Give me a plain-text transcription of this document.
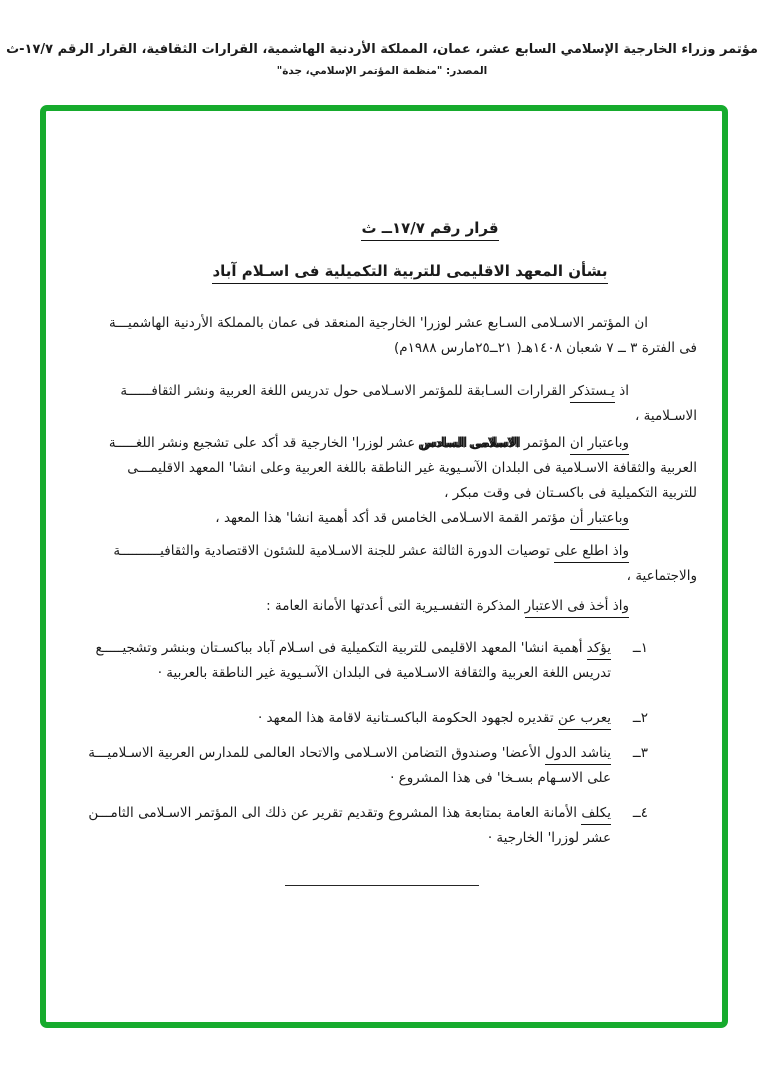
مؤتمر وزراء الخارجية الإسلامي السابع عشر، عمان، المملكة الأردنية الهاشمية، القرارات الثقافية، القرار الرقم ١٧/٧-ث
المصدر: "منظمة المؤتمر الإسلامي، جدة"
قرار رقم ١٧/٧ــ ث
بشأن المعهد الاقليمى للتربية التكميلية فى اسـلام آباد
ان المؤتمر الاسـلامى السـابع عشر لوزرا' الخارجية المنعقد فى عمان بالمملكة الأردنية الهاشميـــة
فى الفترة ٣ ــ ٧ شعبان ١٤٠٨هـ( ٢١ــ٢٥مارس ١٩٨٨م)
اذ يـستذكر القرارات السـابقة للمؤتمر الاسـلامى حول تدريس اللغة العربية ونشر الثقافــــــة
الاسـلامية ،
وباعتبار ان المؤتمر الاسلامى السادس عشر لوزرا' الخارجية قد أكد على تشجيع ونشر اللغـــــة
العربية والثقافة الاسـلامية فى البلدان الآسـيوية غير الناطقة باللغة العربية وعلى انشا' المعهد الاقليمـــى
للتربية التكميلية فى باكسـتان فى وقت مبكر ،
وباعتبار أن مؤتمر القمة الاسـلامى الخامس قد أكد أهمية انشا' هذا المعهد ،
واذ اطلع على توصيات الدورة الثالثة عشر للجنة الاسـلامية للشئون الاقتصادية والثقافيــــــــــة
والاجتماعية ،
واذ أخذ فى الاعتبار المذكرة التفسـيرية التى أعدتها الأمانة العامة :
١ــ
يؤكد أهمية انشا' المعهد الاقليمى للتربية التكميلية فى اسـلام آباد بباكسـتان وبنشر وتشجيـــــع
تدريس اللغة العربية والثقافة الاسـلامية فى البلدان الآسـيوية غير الناطقة بالعربية ·
٢ــ
يعرب عن تقديره لجهود الحكومة الباكسـتانية لاقامة هذا المعهد ·
٣ــ
يناشد الدول الأعضا' وصندوق التضامن الاسـلامى والاتحاد العالمى للمدارس العربية الاسـلاميـــة
على الاسـهام بسـخا' فى هذا المشروع ·
٤ــ
يكلف الأمانة العامة بمتابعة هذا المشروع وتقديم تقرير عن ذلك الى المؤتمر الاسـلامى الثامـــن
عشر لوزرا' الخارجية ·
